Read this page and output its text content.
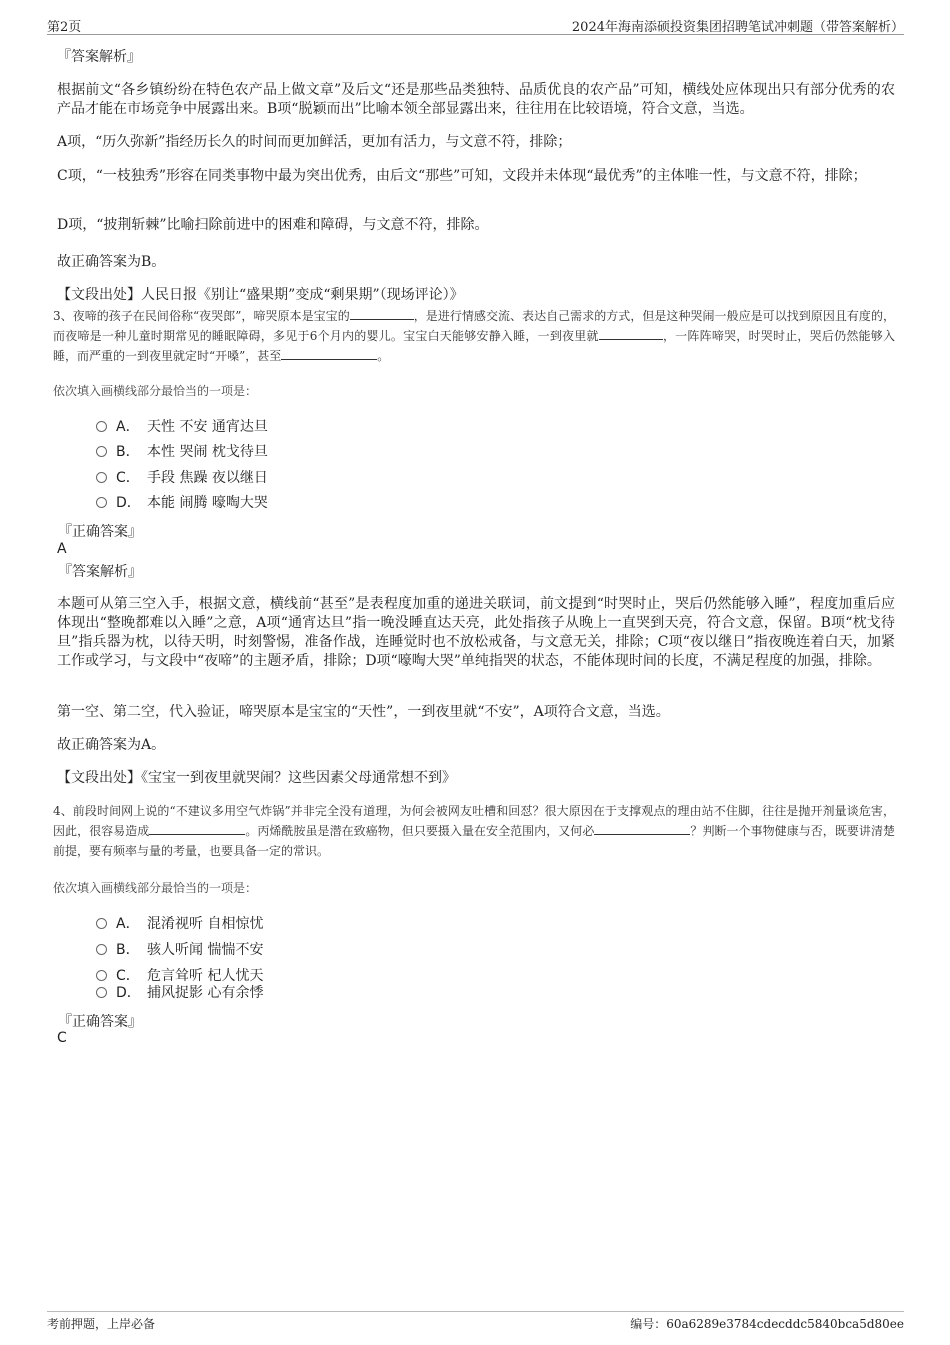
第2页	2024年海南添硕投资集团招聘笔试冲刺题（带答案解析）
『答案解析』
根据前文“各乡镇纷纷在特色农产品上做文章”及后文“还是那些品类独特、品质优良的农产品”可知，横线处应体现出只有部分优秀的农产品才能在市场竞争中展露出来。B项“脱颖而出”比喻本领全部显露出来，往往用在比较语境，符合文意，当选。
A项，“历久弥新”指经历长久的时间而更加鲜活，更加有活力，与文意不符，排除；
C项，“一枝独秀”形容在同类事物中最为突出优秀，由后文“那些”可知，文段并未体现“最优秀”的主体唯一性，与文意不符，排除；
D项，“披荆斩棘”比喻扫除前进中的困难和障碍，与文意不符，排除。
故正确答案为B。
【文段出处】人民日报《别让“盛果期”变成“剩果期”（现场评论）》
3、夜啼的孩子在民间俗称“夜哭郎”，啼哭原本是宝宝的	，是进行情感交流、表达自己需求的方式，但是这种哭闹一般应是可以找到原因且有度的，而夜啼是一种儿童时期常见的睡眠障碍，多见于6个月内的婴儿。宝宝白天能够安静入睡，一到夜里就	，一阵阵啼哭，时哭时止，哭后仍然能够入睡，而严重的一到夜里就定时“开嗓”，甚至	。
依次填入画横线部分最恰当的一项是：
A． 天性 不安 通宵达旦
B． 本性 哭闹 枕戈待旦
C． 手段 焦躁 夜以继日
D． 本能 闹腾 嚎啕大哭
『正确答案』
A
『答案解析』
本题可从第三空入手，根据文意，横线前“甚至”是表程度加重的递进关联词，前文提到“时哭时止，哭后仍然能够入睡”，程度加重后应体现出“整晚都难以入睡”之意，A项“通宵达旦”指一晚没睡直达天亮，此处指孩子从晚上一直哭到天亮，符合文意，保留。B项“枕戈待旦”指兵器为枕，以待天明，时刻警惕，准备作战，连睡觉时也不放松戒备，与文意无关，排除；C项“夜以继日”指夜晚连着白天，加紧工作或学习，与文段中“夜啼”的主题矛盾，排除；D项“嚎啕大哭”单纯指哭的状态，不能体现时间的长度，不满足程度的加强，排除。
第一空、第二空，代入验证，啼哭原本是宝宝的“天性”，一到夜里就“不安”，A项符合文意，当选。
故正确答案为A。
【文段出处】《宝宝一到夜里就哭闹？这些因素父母通常想不到》
4、前段时间网上说的“不建议多用空气炸锅”并非完全没有道理，为何会被网友吐槽和回怼？很大原因在于支撑观点的理由站不住脚，往往是抛开剂量谈危害，因此，很容易造成	。丙烯酰胺虽是潜在致癌物，但只要摄入量在安全范围内，又何必	？判断一个事物健康与否，既要讲清楚前提，要有频率与量的考量，也要具备一定的常识。
依次填入画横线部分最恰当的一项是：
A． 混淆视听 自相惊忧
B． 骇人听闻 惴惴不安
C． 危言耸听 杞人忧天
D． 捕风捉影 心有余悸
『正确答案』
C
考前押题，上岸必备	编号：60a6289e3784cdecddc5840bca5d80ee
